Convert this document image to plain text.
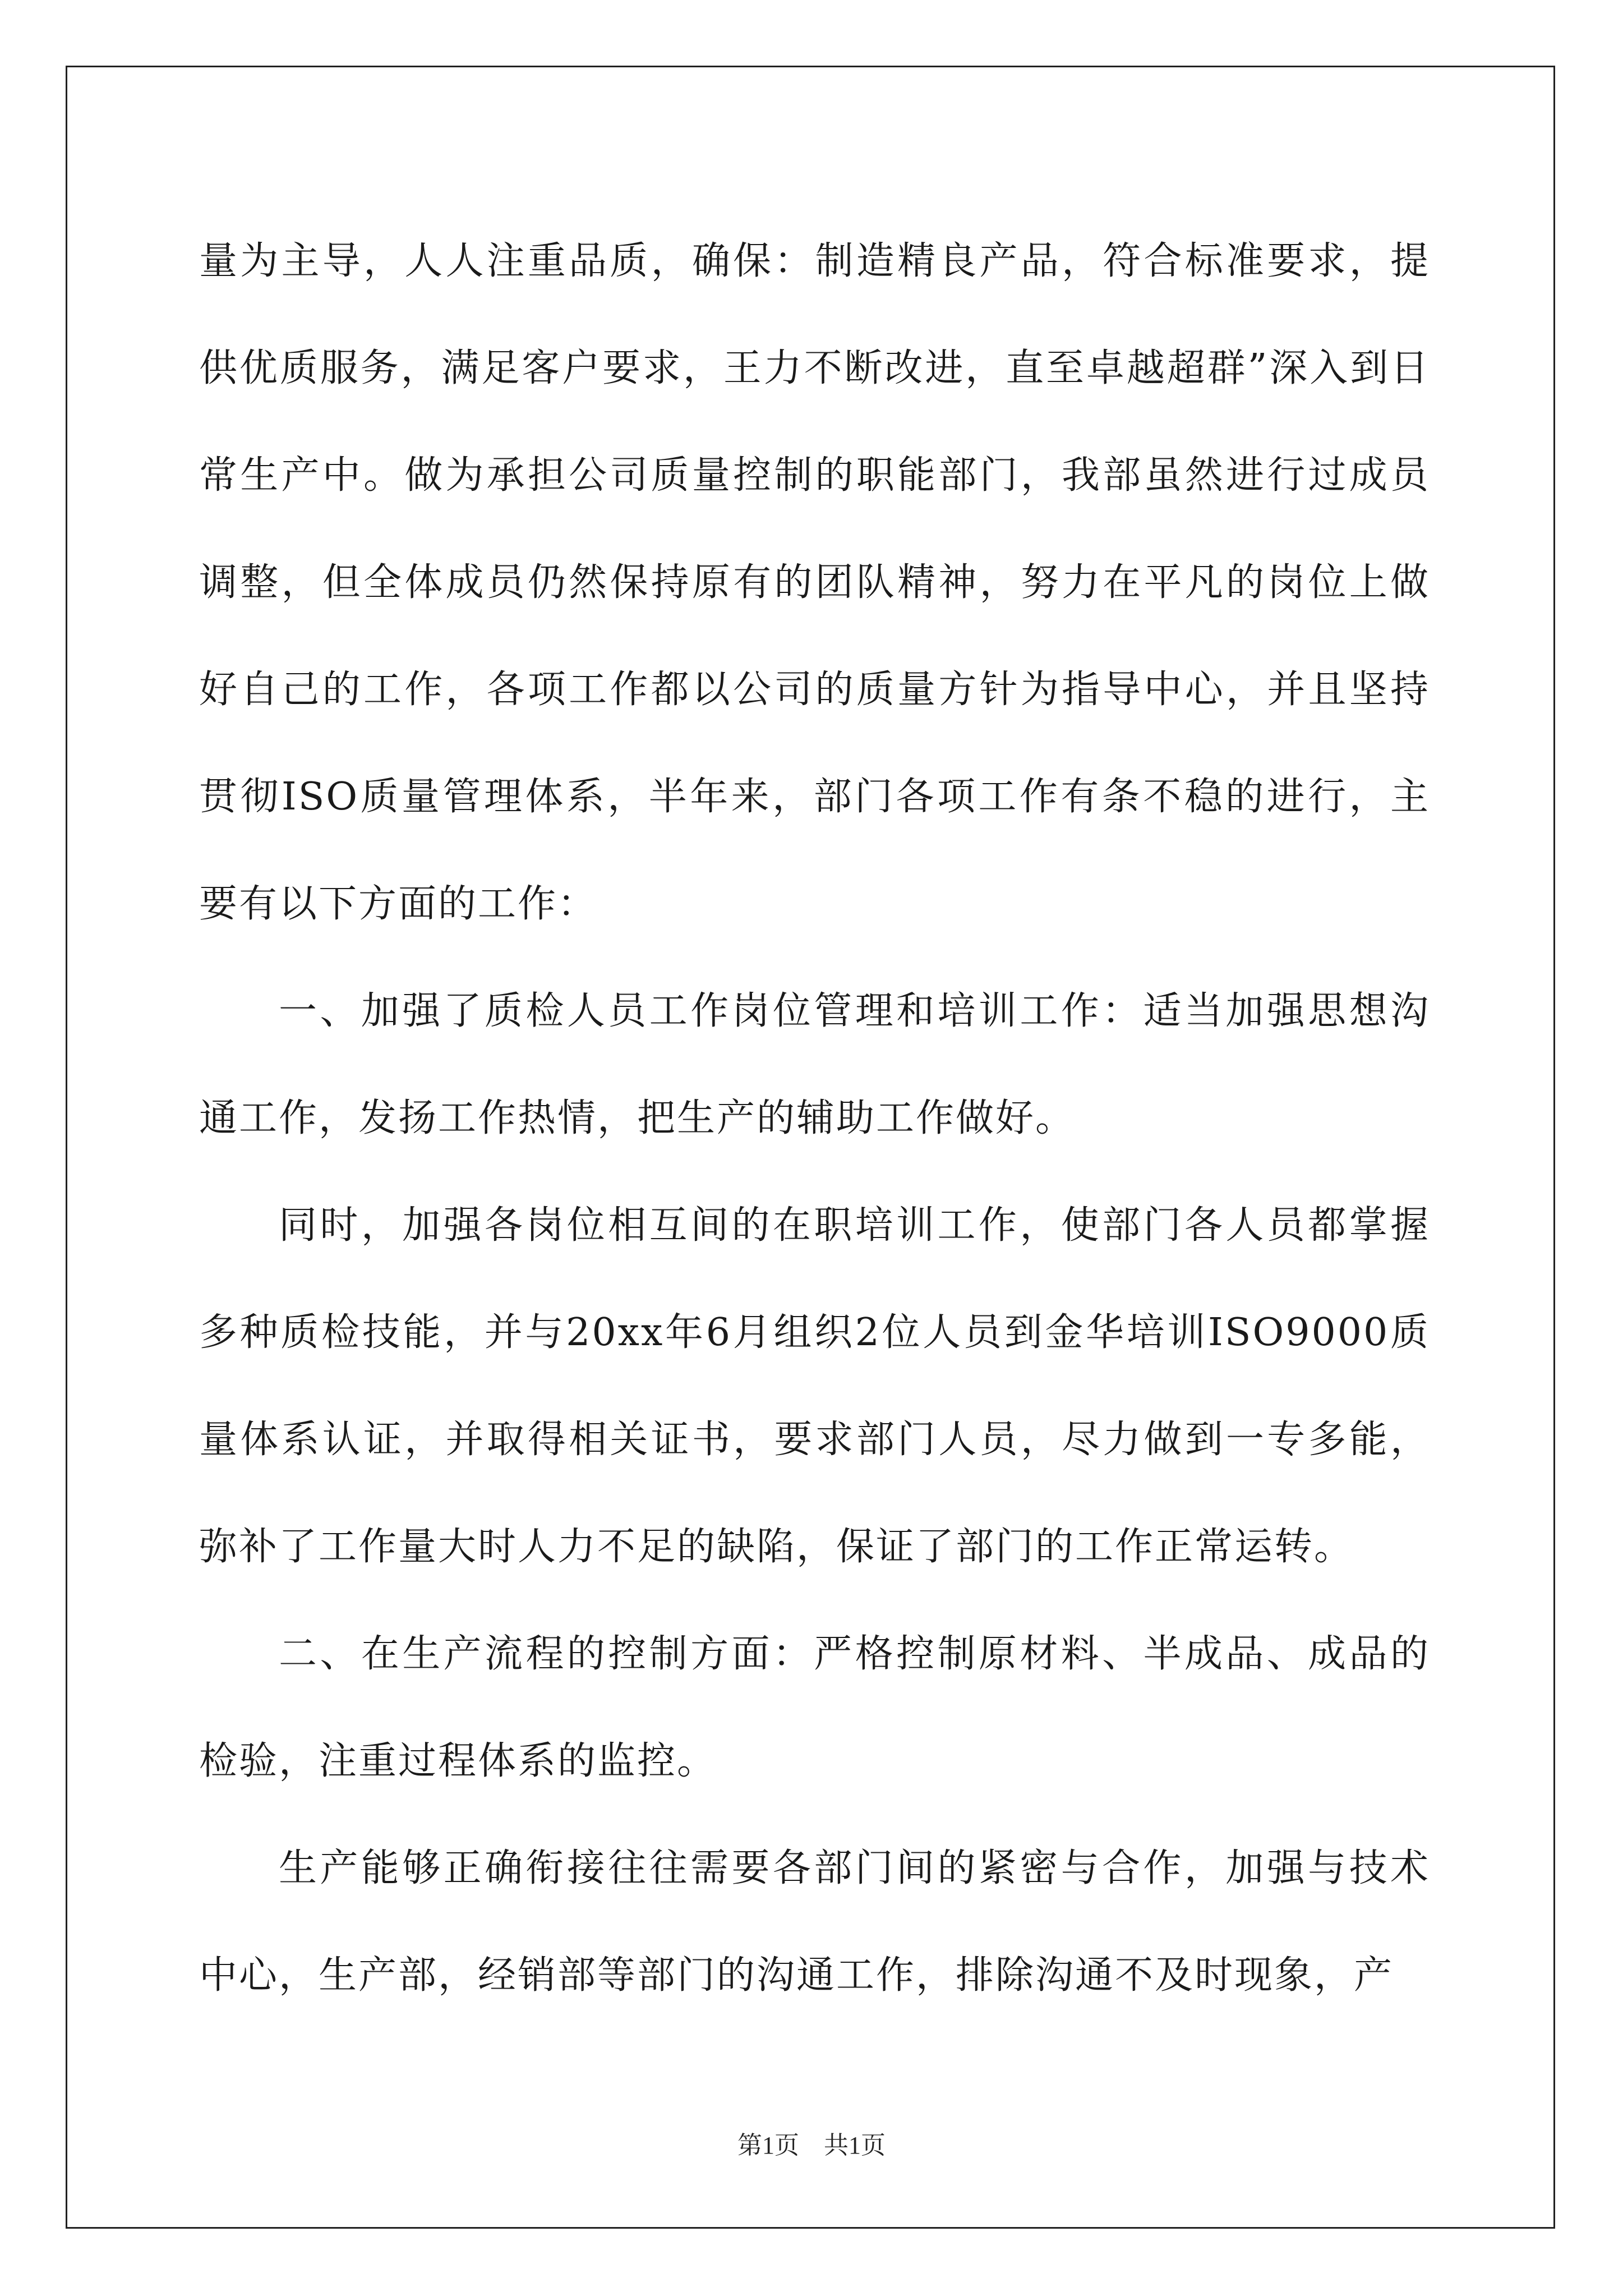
量为主导，人人注重品质，确保：制造精良产品，符合标准要求，提供优质服务，满足客户要求，王力不断改进，直至卓越超群”深入到日常生产中。做为承担公司质量控制的职能部门，我部虽然进行过成员调整，但全体成员仍然保持原有的团队精神，努力在平凡的岗位上做好自己的工作，各项工作都以公司的质量方针为指导中心，并且坚持贯彻ISO质量管理体系，半年来，部门各项工作有条不稳的进行，主要有以下方面的工作：

一、加强了质检人员工作岗位管理和培训工作：适当加强思想沟通工作，发扬工作热情，把生产的辅助工作做好。

同时，加强各岗位相互间的在职培训工作，使部门各人员都掌握多种质检技能，并与20xx年6月组织2位人员到金华培训ISO9000质量体系认证，并取得相关证书，要求部门人员，尽力做到一专多能，弥补了工作量大时人力不足的缺陷，保证了部门的工作正常运转。

二、在生产流程的控制方面：严格控制原材料、半成品、成品的检验，注重过程体系的监控。

生产能够正确衔接往往需要各部门间的紧密与合作，加强与技术中心，生产部，经销部等部门的沟通工作，排除沟通不及时现象，产

第1页　共1页
